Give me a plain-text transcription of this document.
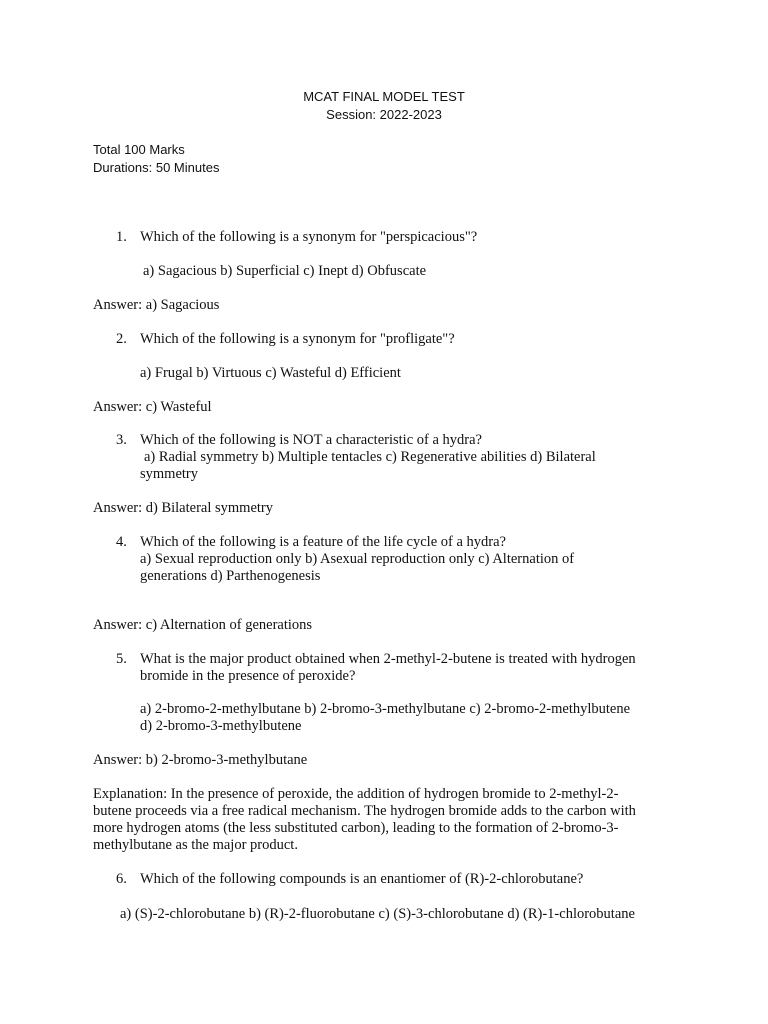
MCAT FINAL MODEL TEST
Session: 2022-2023
Total 100 Marks
Durations: 50 Minutes
1. Which of the following is a synonym for "perspicacious"?
a) Sagacious b) Superficial c) Inept d) Obfuscate
Answer: a) Sagacious
2. Which of the following is a synonym for "profligate"?
a) Frugal b) Virtuous c) Wasteful d) Efficient
Answer: c) Wasteful
3. Which of the following is NOT a characteristic of a hydra?
a) Radial symmetry b) Multiple tentacles c) Regenerative abilities d) Bilateral
symmetry
Answer: d) Bilateral symmetry
4. Which of the following is a feature of the life cycle of a hydra?
a) Sexual reproduction only b) Asexual reproduction only c) Alternation of
generations d) Parthenogenesis
Answer: c) Alternation of generations
5. What is the major product obtained when 2-methyl-2-butene is treated with hydrogen
bromide in the presence of peroxide?
a) 2-bromo-2-methylbutane b) 2-bromo-3-methylbutane c) 2-bromo-2-methylbutene
d) 2-bromo-3-methylbutene
Answer: b) 2-bromo-3-methylbutane
Explanation: In the presence of peroxide, the addition of hydrogen bromide to 2-methyl-2-
butene proceeds via a free radical mechanism. The hydrogen bromide adds to the carbon with
more hydrogen atoms (the less substituted carbon), leading to the formation of 2-bromo-3-
methylbutane as the major product.
6. Which of the following compounds is an enantiomer of (R)-2-chlorobutane?
a) (S)-2-chlorobutane b) (R)-2-fluorobutane c) (S)-3-chlorobutane d) (R)-1-chlorobutane
